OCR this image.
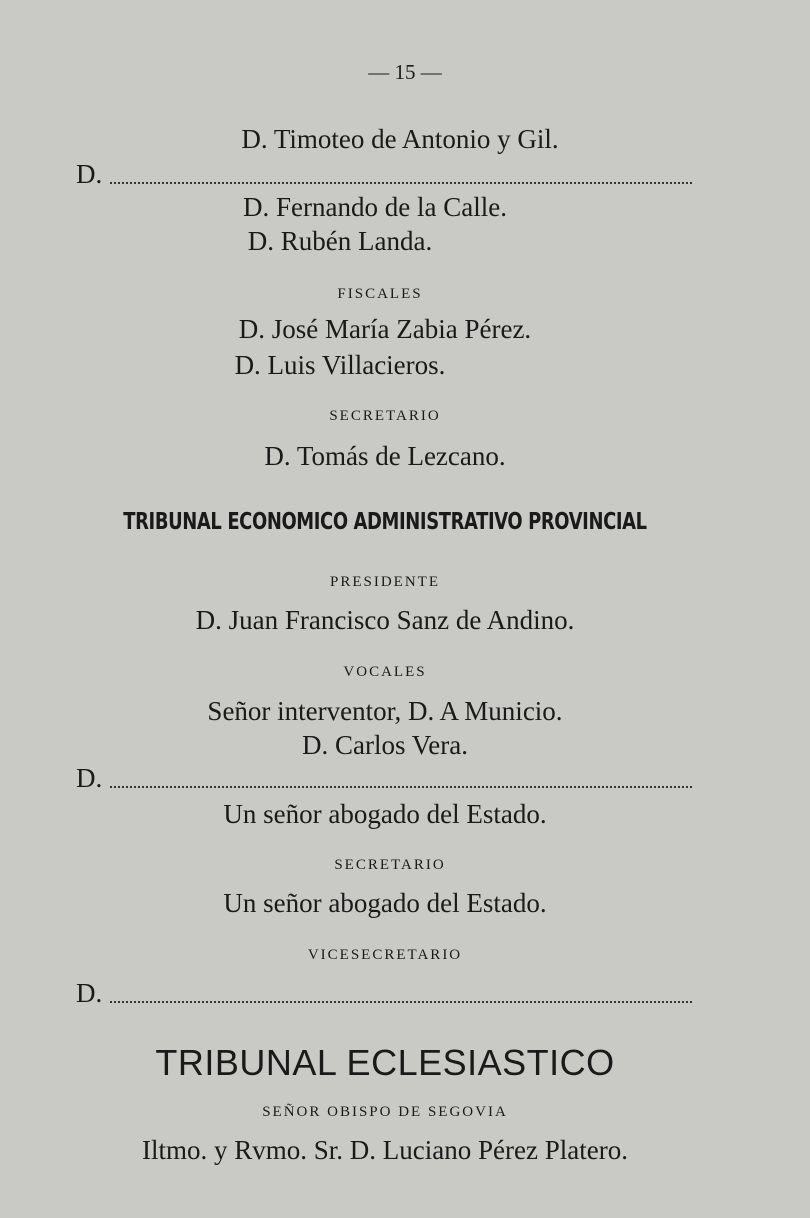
— 15 —
D. Timoteo de Antonio y Gil.
D.
D. Fernando de la Calle.
D. Rubén Landa.
FISCALES
D. José María Zabia Pérez.
D. Luis Villacieros.
SECRETARIO
D. Tomás de Lezcano.
TRIBUNAL ECONOMICO ADMINISTRATIVO PROVINCIAL
PRESIDENTE
D. Juan Francisco Sanz de Andino.
VOCALES
Señor interventor, D. A Municio.
D. Carlos Vera.
D.
Un señor abogado del Estado.
SECRETARIO
Un señor abogado del Estado.
VICESECRETARIO
D.
TRIBUNAL ECLESIASTICO
SEÑOR OBISPO DE SEGOVIA
Iltmo. y Rvmo. Sr. D. Luciano Pérez Platero.
